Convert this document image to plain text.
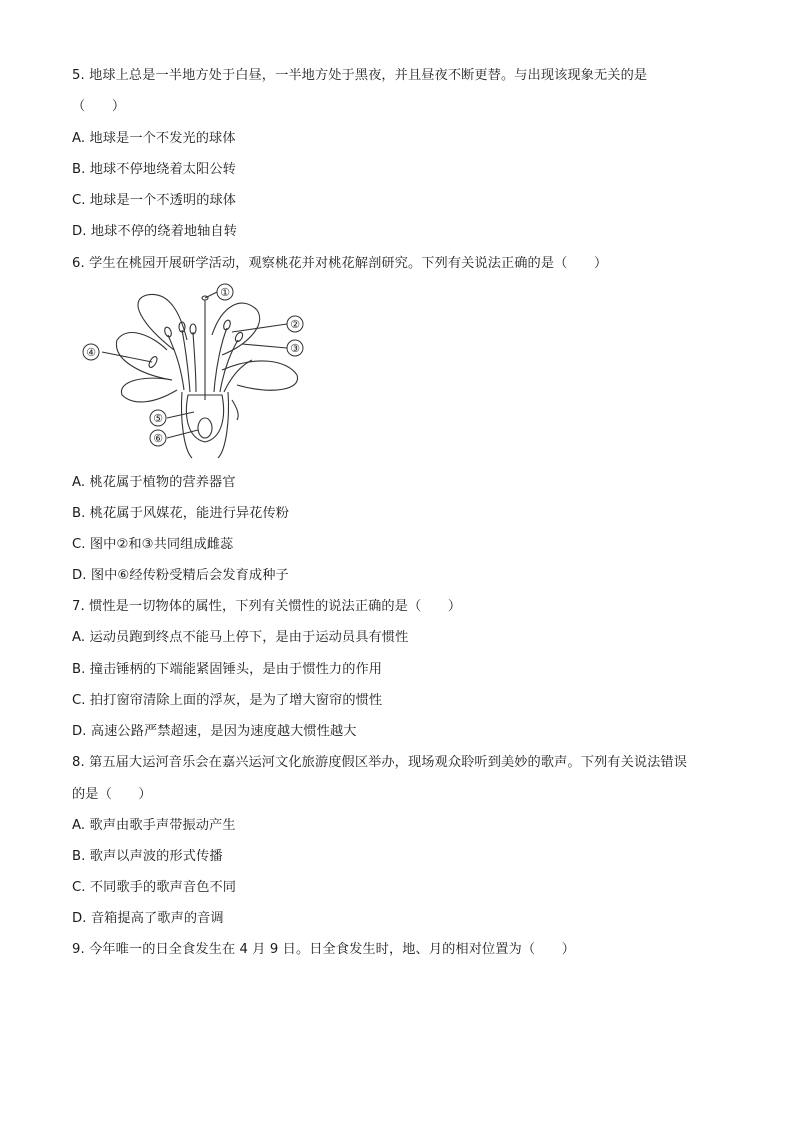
5. 地球上总是一半地方处于白昼，一半地方处于黑夜，并且昼夜不断更替。与出现该现象无关的是
（　　）
A. 地球是一个不发光的球体
B. 地球不停地绕着太阳公转
C. 地球是一个不透明的球体
D. 地球不停的绕着地轴自转
6. 学生在桃园开展研学活动，观察桃花并对桃花解剖研究。下列有关说法正确的是（　　）
①
②
③
④
⑤
⑥
A. 桃花属于植物的营养器官
B. 桃花属于风媒花，能进行异花传粉
C. 图中②和③共同组成雌蕊
D. 图中⑥经传粉受精后会发育成种子
7. 惯性是一切物体的属性，下列有关惯性的说法正确的是（　　）
A. 运动员跑到终点不能马上停下，是由于运动员具有惯性
B. 撞击锤柄的下端能紧固锤头，是由于惯性力的作用
C. 拍打窗帘清除上面的浮灰，是为了增大窗帘的惯性
D. 高速公路严禁超速，是因为速度越大惯性越大
8. 第五届大运河音乐会在嘉兴运河文化旅游度假区举办，现场观众聆听到美妙的歌声。下列有关说法错误
的是（　　）
A. 歌声由歌手声带振动产生
B. 歌声以声波的形式传播
C. 不同歌手的歌声音色不同
D. 音箱提高了歌声的音调
9. 今年唯一的日全食发生在 4 月 9 日。日全食发生时，地、月的相对位置为（　　）
